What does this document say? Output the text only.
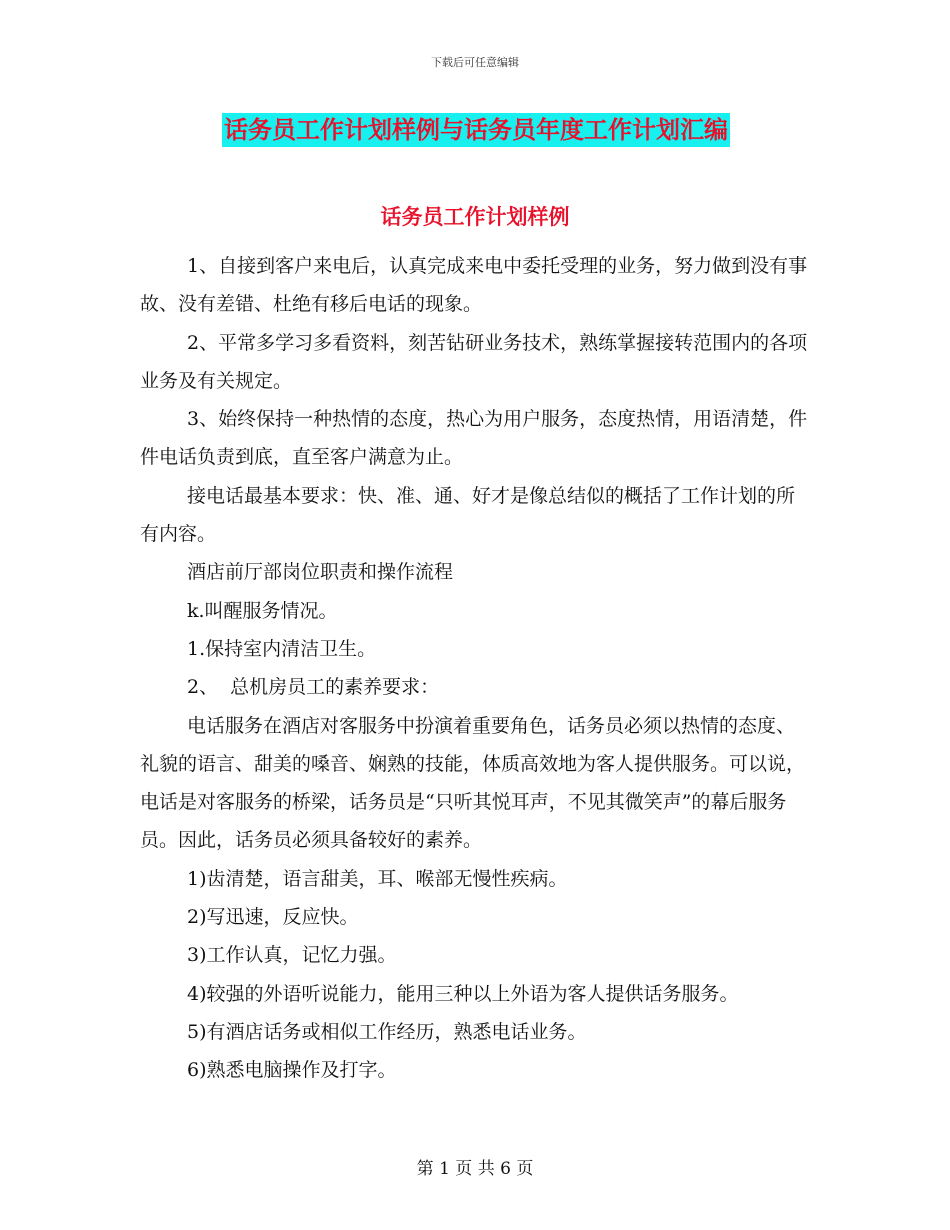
下载后可任意编辑
话务员工作计划样例与话务员年度工作计划汇编
话务员工作计划样例

1、自接到客户来电后，认真完成来电中委托受理的业务，努力做到没有事故、没有差错、杜绝有移后电话的现象。

2、平常多学习多看资料，刻苦钻研业务技术，熟练掌握接转范围内的各项业务及有关规定。

3、始终保持一种热情的态度，热心为用户服务，态度热情，用语清楚，件件电话负责到底，直至客户满意为止。

接电话最基本要求：快、准、通、好才是像总结似的概括了工作计划的所有内容。

酒店前厅部岗位职责和操作流程

k.叫醒服务情况。

1.保持室内清洁卫生。

2、  总机房员工的素养要求：

电话服务在酒店对客服务中扮演着重要角色，话务员必须以热情的态度、礼貌的语言、甜美的嗓音、娴熟的技能，体质高效地为客人提供服务。可以说，电话是对客服务的桥梁，话务员是“只听其悦耳声，不见其微笑声”的幕后服务员。因此，话务员必须具备较好的素养。

1)齿清楚，语言甜美，耳、喉部无慢性疾病。

2)写迅速，反应快。

3)工作认真，记忆力强。

4)较强的外语听说能力，能用三种以上外语为客人提供话务服务。

5)有酒店话务或相似工作经历，熟悉电话业务。

6)熟悉电脑操作及打字。

第 1 页 共 6 页
